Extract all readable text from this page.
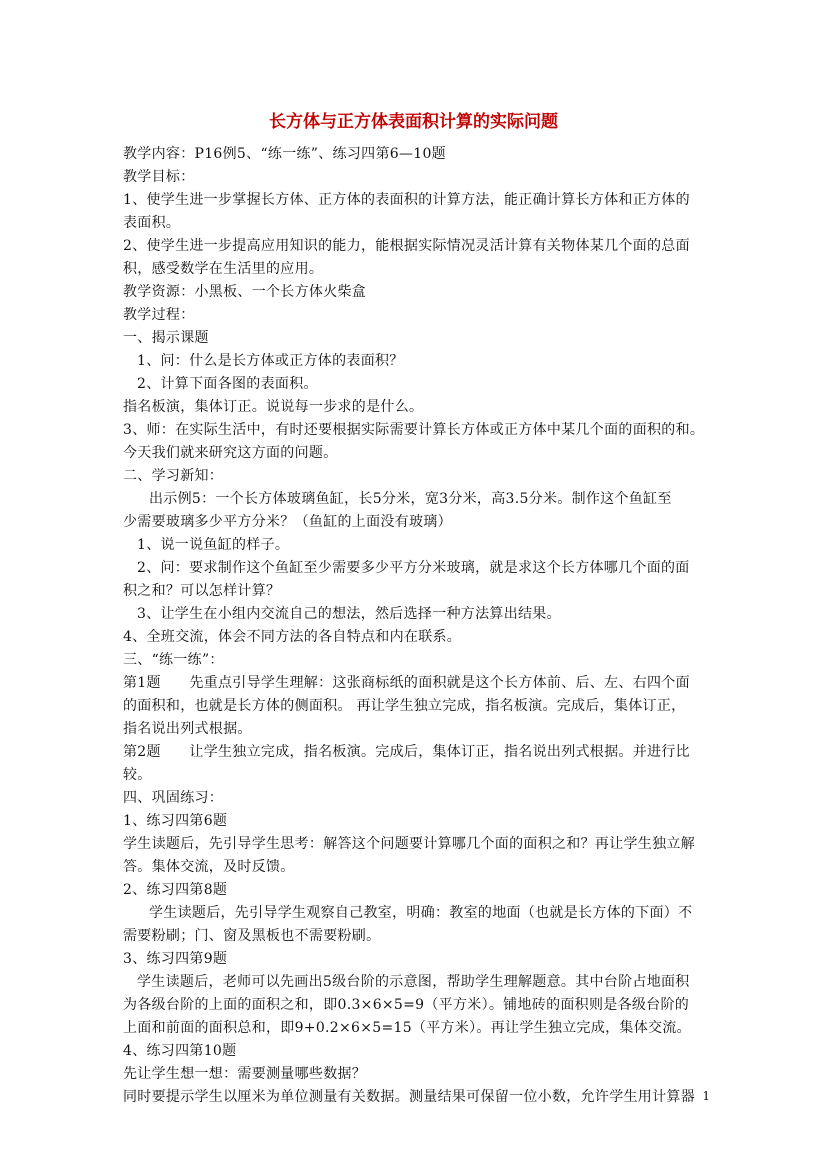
长方体与正方体表面积计算的实际问题

教学内容：P16例5、“练一练”、练习四第6—10题

教学目标：

1、使学生进一步掌握长方体、正方体的表面积的计算方法，能正确计算长方体和正方体的

表面积。

2、使学生进一步提高应用知识的能力，能根据实际情况灵活计算有关物体某几个面的总面

积，感受数学在生活里的应用。

教学资源：小黑板、一个长方体火柴盒

教学过程：

一、揭示课题

1、问：什么是长方体或正方体的表面积？

2、计算下面各图的表面积。

指名板演，集体订正。说说每一步求的是什么。

3、师：在实际生活中，有时还要根据实际需要计算长方体或正方体中某几个面的面积的和。

今天我们就来研究这方面的问题。

二、学习新知：

出示例5：一个长方体玻璃鱼缸，长5分米，宽3分米，高3.5分米。制作这个鱼缸至

少需要玻璃多少平方分米？（鱼缸的上面没有玻璃）

1、说一说鱼缸的样子。

2、问：要求制作这个鱼缸至少需要多少平方分米玻璃，就是求这个长方体哪几个面的面

积之和？可以怎样计算？

3、让学生在小组内交流自己的想法，然后选择一种方法算出结果。

4、全班交流，体会不同方法的各自特点和内在联系。

三、“练一练”：

第1题　　先重点引导学生理解：这张商标纸的面积就是这个长方体前、后、左、右四个面

的面积和，也就是长方体的侧面积。 再让学生独立完成，指名板演。完成后，集体订正，

指名说出列式根据。

第2题　　让学生独立完成，指名板演。完成后，集体订正，指名说出列式根据。并进行比

较。

四、巩固练习：

1、练习四第6题

学生读题后，先引导学生思考：解答这个问题要计算哪几个面的面积之和？再让学生独立解

答。集体交流，及时反馈。

2、练习四第8题

学生读题后，先引导学生观察自己教室，明确：教室的地面（也就是长方体的下面）不

需要粉刷；门、窗及黑板也不需要粉刷。

3、练习四第9题

学生读题后，老师可以先画出5级台阶的示意图，帮助学生理解题意。其中台阶占地面积

为各级台阶的上面的面积之和，即0.3×6×5=9（平方米）。铺地砖的面积则是各级台阶的

上面和前面的面积总和，即9+0.2×6×5=15（平方米）。再让学生独立完成，集体交流。

4、练习四第10题

先让学生想一想：需要测量哪些数据？

同时要提示学生以厘米为单位测量有关数据。测量结果可保留一位小数，允许学生用计算器 1
